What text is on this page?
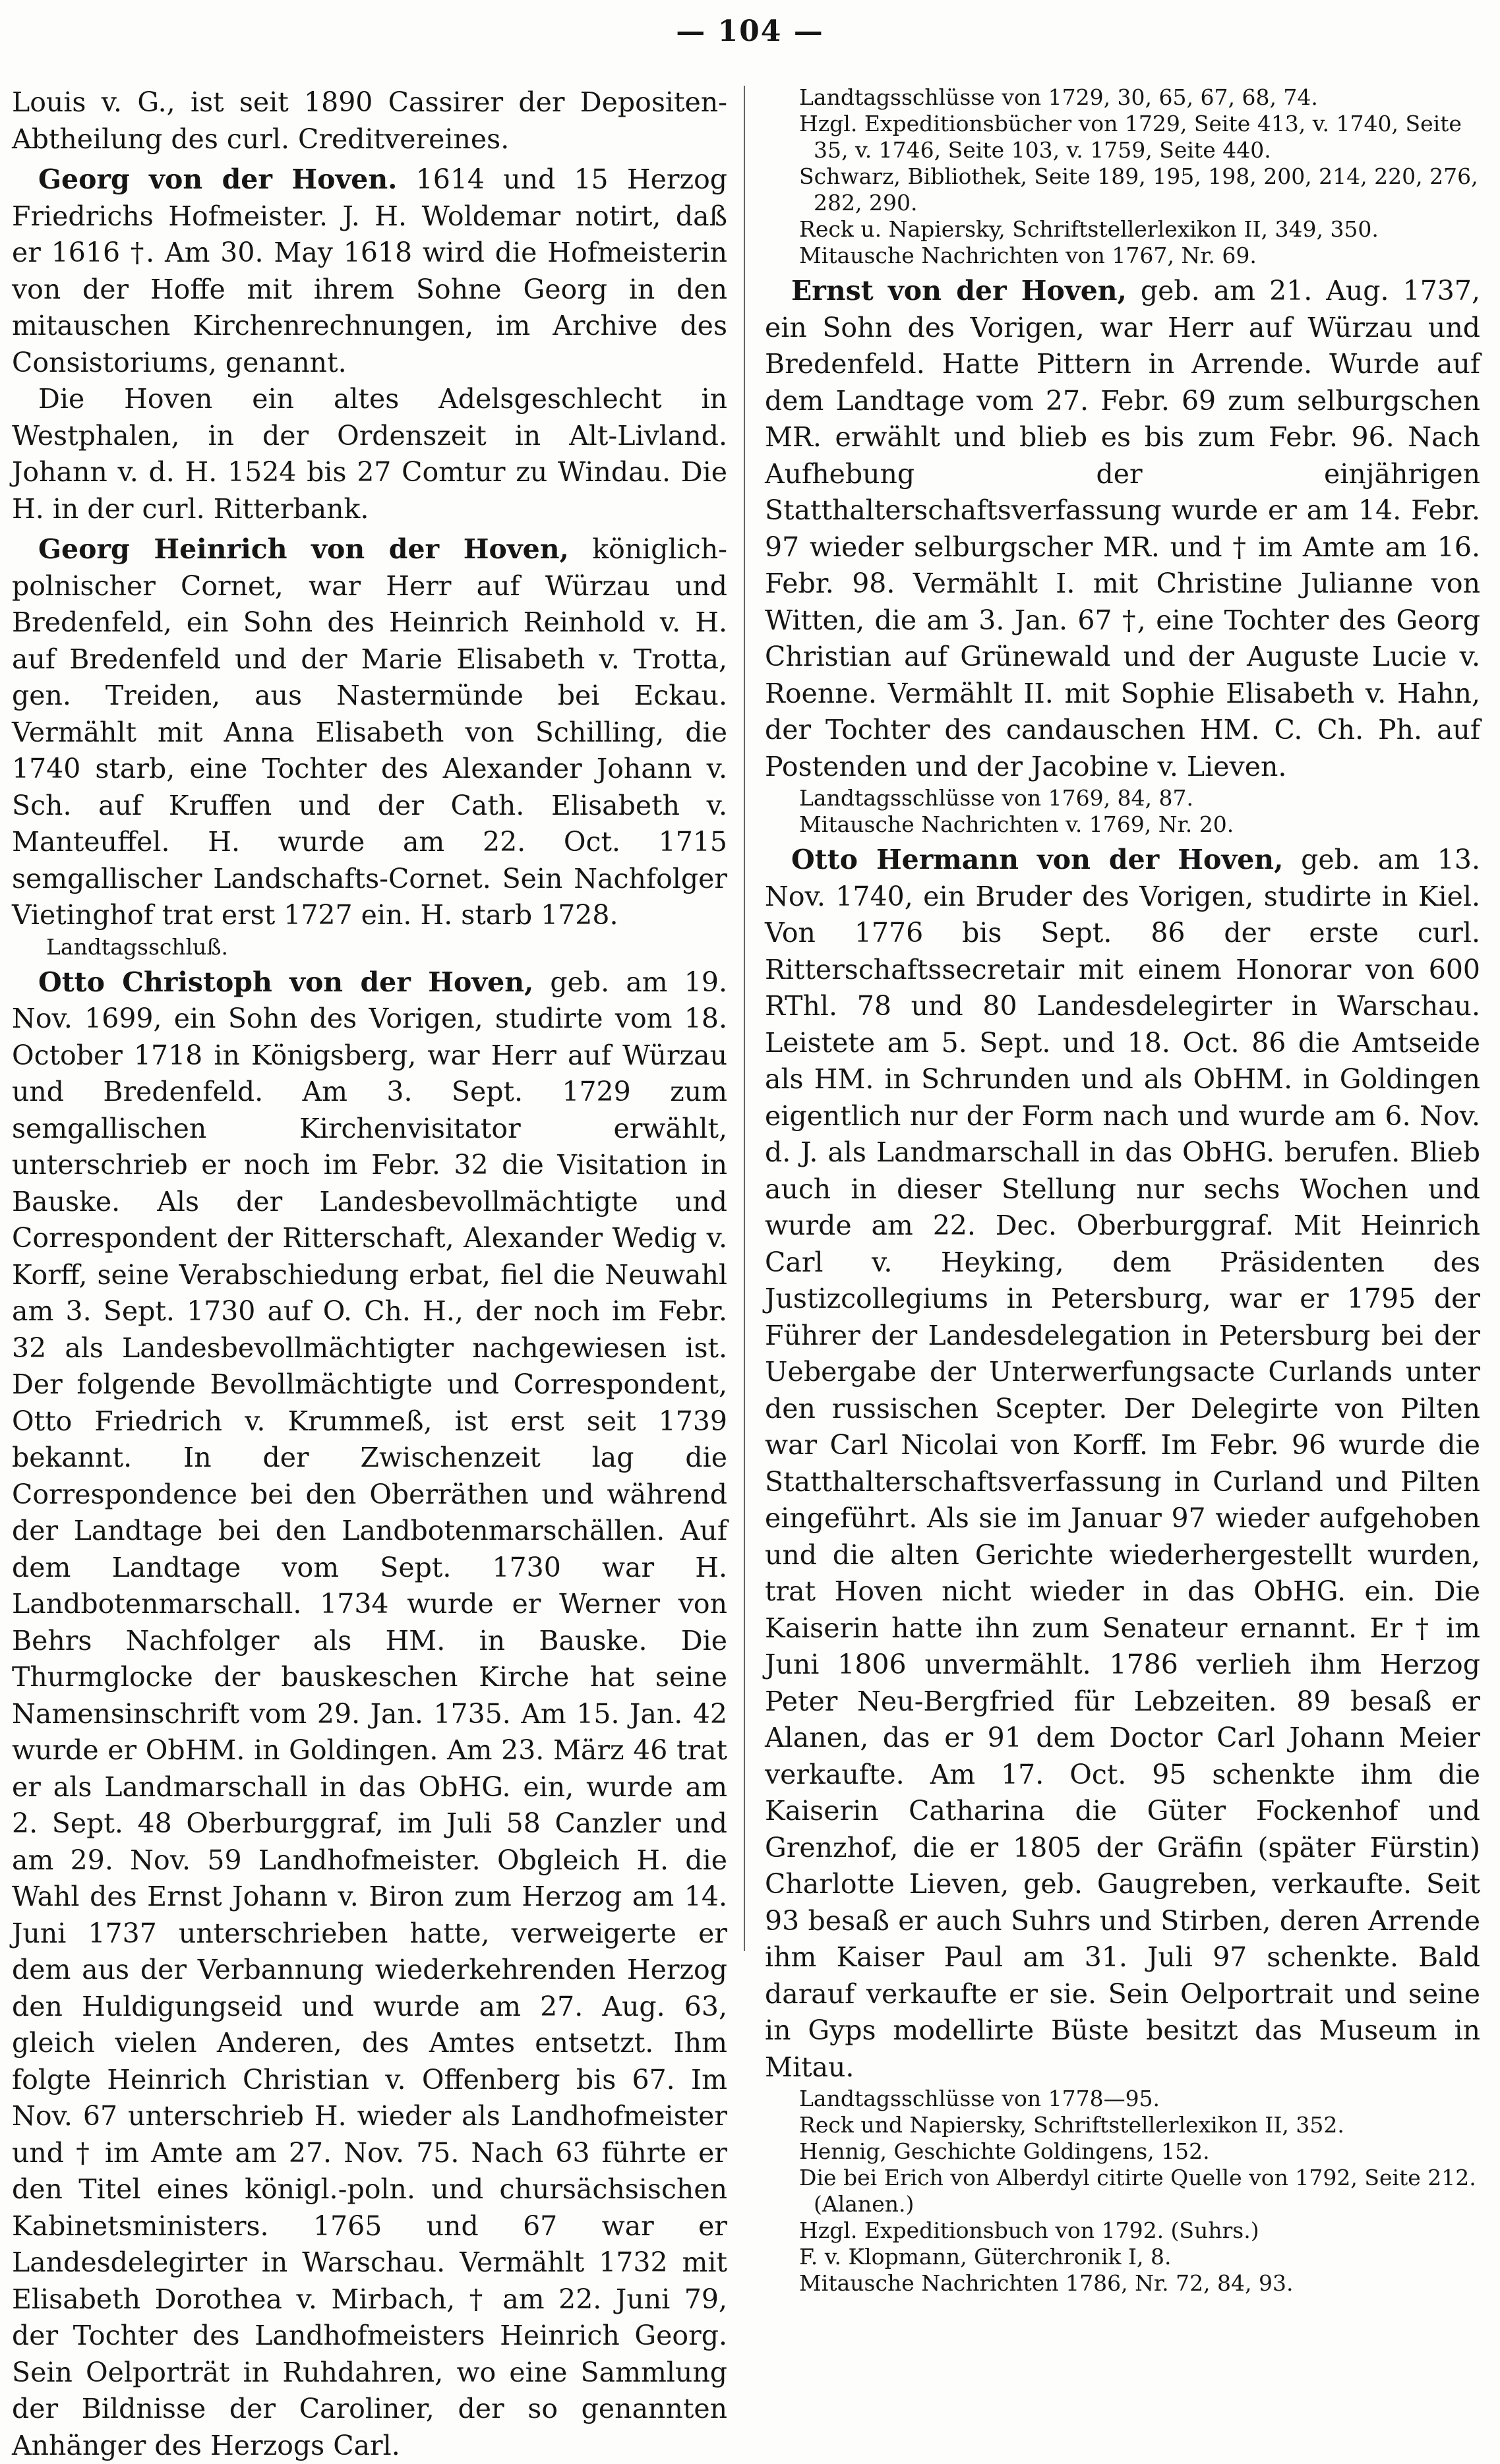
— 104 —

Louis v. G., ist seit 1890 Cassirer der Depositen-Abtheilung des curl. Creditvereines.

Georg von der Hoven. 1614 und 15 Herzog Friedrichs Hofmeister. J. H. Woldemar notirt, daß er 1616 †. Am 30. May 1618 wird die Hofmeisterin von der Hoffe mit ihrem Sohne Georg in den mitauschen Kirchenrechnungen, im Archive des Consistoriums, genannt.

Die Hoven ein altes Adelsgeschlecht in Westphalen, in der Ordenszeit in Alt-Livland. Johann v. d. H. 1524 bis 27 Comtur zu Windau. Die H. in der curl. Ritterbank.

Georg Heinrich von der Hoven, königlich-polnischer Cornet, war Herr auf Würzau und Bredenfeld, ein Sohn des Heinrich Reinhold v. H. auf Bredenfeld und der Marie Elisabeth v. Trotta, gen. Treiden, aus Nastermünde bei Eckau. Vermählt mit Anna Elisabeth von Schilling, die 1740 starb, eine Tochter des Alexander Johann v. Sch. auf Kruffen und der Cath. Elisabeth v. Manteuffel. H. wurde am 22. Oct. 1715 semgallischer Landschafts-Cornet. Sein Nachfolger Vietinghof trat erst 1727 ein. H. starb 1728.

Landtagsschluß.

Otto Christoph von der Hoven, geb. am 19. Nov. 1699, ein Sohn des Vorigen, studirte vom 18. October 1718 in Königsberg, war Herr auf Würzau und Bredenfeld. Am 3. Sept. 1729 zum semgallischen Kirchenvisitator erwählt, unterschrieb er noch im Febr. 32 die Visitation in Bauske. Als der Landesbevollmächtigte und Correspondent der Ritterschaft, Alexander Wedig v. Korff, seine Verabschiedung erbat, fiel die Neuwahl am 3. Sept. 1730 auf O. Ch. H., der noch im Febr. 32 als Landesbevollmächtigter nachgewiesen ist. Der folgende Bevollmächtigte und Correspondent, Otto Friedrich v. Krummeß, ist erst seit 1739 bekannt. In der Zwischenzeit lag die Correspondence bei den Oberräthen und während der Landtage bei den Landbotenmarschällen. Auf dem Landtage vom Sept. 1730 war H. Landbotenmarschall. 1734 wurde er Werner von Behrs Nachfolger als HM. in Bauske. Die Thurmglocke der bauskeschen Kirche hat seine Namensinschrift vom 29. Jan. 1735. Am 15. Jan. 42 wurde er ObHM. in Goldingen. Am 23. März 46 trat er als Landmarschall in das ObHG. ein, wurde am 2. Sept. 48 Oberburggraf, im Juli 58 Canzler und am 29. Nov. 59 Landhofmeister. Obgleich H. die Wahl des Ernst Johann v. Biron zum Herzog am 14. Juni 1737 unterschrieben hatte, verweigerte er dem aus der Verbannung wiederkehrenden Herzog den Huldigungseid und wurde am 27. Aug. 63, gleich vielen Anderen, des Amtes entsetzt. Ihm folgte Heinrich Christian v. Offenberg bis 67. Im Nov. 67 unterschrieb H. wieder als Landhofmeister und † im Amte am 27. Nov. 75. Nach 63 führte er den Titel eines königl.-poln. und chursächsischen Kabinetsministers. 1765 und 67 war er Landesdelegirter in Warschau. Vermählt 1732 mit Elisabeth Dorothea v. Mirbach, † am 22. Juni 79, der Tochter des Landhofmeisters Heinrich Georg. Sein Oelporträt in Ruhdahren, wo eine Sammlung der Bildnisse der Caroliner, der so genannten Anhänger des Herzogs Carl.

Landtagsschlüsse von 1729, 30, 65, 67, 68, 74.
Hzgl. Expeditionsbücher von 1729, Seite 413, v. 1740, Seite 35, v. 1746, Seite 103, v. 1759, Seite 440.
Schwarz, Bibliothek, Seite 189, 195, 198, 200, 214, 220, 276, 282, 290.
Reck u. Napiersky, Schriftstellerlexikon II, 349, 350.
Mitausche Nachrichten von 1767, Nr. 69.

Ernst von der Hoven, geb. am 21. Aug. 1737, ein Sohn des Vorigen, war Herr auf Würzau und Bredenfeld. Hatte Pittern in Arrende. Wurde auf dem Landtage vom 27. Febr. 69 zum selburgschen MR. erwählt und blieb es bis zum Febr. 96. Nach Aufhebung der einjährigen Statthalterschaftsverfassung wurde er am 14. Febr. 97 wieder selburgscher MR. und † im Amte am 16. Febr. 98. Vermählt I. mit Christine Julianne von Witten, die am 3. Jan. 67 †, eine Tochter des Georg Christian auf Grünewald und der Auguste Lucie v. Roenne. Vermählt II. mit Sophie Elisabeth v. Hahn, der Tochter des candauschen HM. C. Ch. Ph. auf Postenden und der Jacobine v. Lieven.

Landtagsschlüsse von 1769, 84, 87.
Mitausche Nachrichten v. 1769, Nr. 20.

Otto Hermann von der Hoven, geb. am 13. Nov. 1740, ein Bruder des Vorigen, studirte in Kiel. Von 1776 bis Sept. 86 der erste curl. Ritterschaftssecretair mit einem Honorar von 600 RThl. 78 und 80 Landesdelegirter in Warschau. Leistete am 5. Sept. und 18. Oct. 86 die Amtseide als HM. in Schrunden und als ObHM. in Goldingen eigentlich nur der Form nach und wurde am 6. Nov. d. J. als Landmarschall in das ObHG. berufen. Blieb auch in dieser Stellung nur sechs Wochen und wurde am 22. Dec. Oberburggraf. Mit Heinrich Carl v. Heyking, dem Präsidenten des Justizcollegiums in Petersburg, war er 1795 der Führer der Landesdelegation in Petersburg bei der Uebergabe der Unterwerfungsacte Curlands unter den russischen Scepter. Der Delegirte von Pilten war Carl Nicolai von Korff. Im Febr. 96 wurde die Statthalterschaftsverfassung in Curland und Pilten eingeführt. Als sie im Januar 97 wieder aufgehoben und die alten Gerichte wiederhergestellt wurden, trat Hoven nicht wieder in das ObHG. ein. Die Kaiserin hatte ihn zum Senateur ernannt. Er † im Juni 1806 unvermählt. 1786 verlieh ihm Herzog Peter Neu-Bergfried für Lebzeiten. 89 besaß er Alanen, das er 91 dem Doctor Carl Johann Meier verkaufte. Am 17. Oct. 95 schenkte ihm die Kaiserin Catharina die Güter Fockenhof und Grenzhof, die er 1805 der Gräfin (später Fürstin) Charlotte Lieven, geb. Gaugreben, verkaufte. Seit 93 besaß er auch Suhrs und Stirben, deren Arrende ihm Kaiser Paul am 31. Juli 97 schenkte. Bald darauf verkaufte er sie. Sein Oelportrait und seine in Gyps modellirte Büste besitzt das Museum in Mitau.

Landtagsschlüsse von 1778—95.
Reck und Napiersky, Schriftstellerlexikon II, 352.
Hennig, Geschichte Goldingens, 152.
Die bei Erich von Alberdyl citirte Quelle von 1792, Seite 212. (Alanen.)
Hzgl. Expeditionsbuch von 1792. (Suhrs.)
F. v. Klopmann, Güterchronik I, 8.
Mitausche Nachrichten 1786, Nr. 72, 84, 93.
